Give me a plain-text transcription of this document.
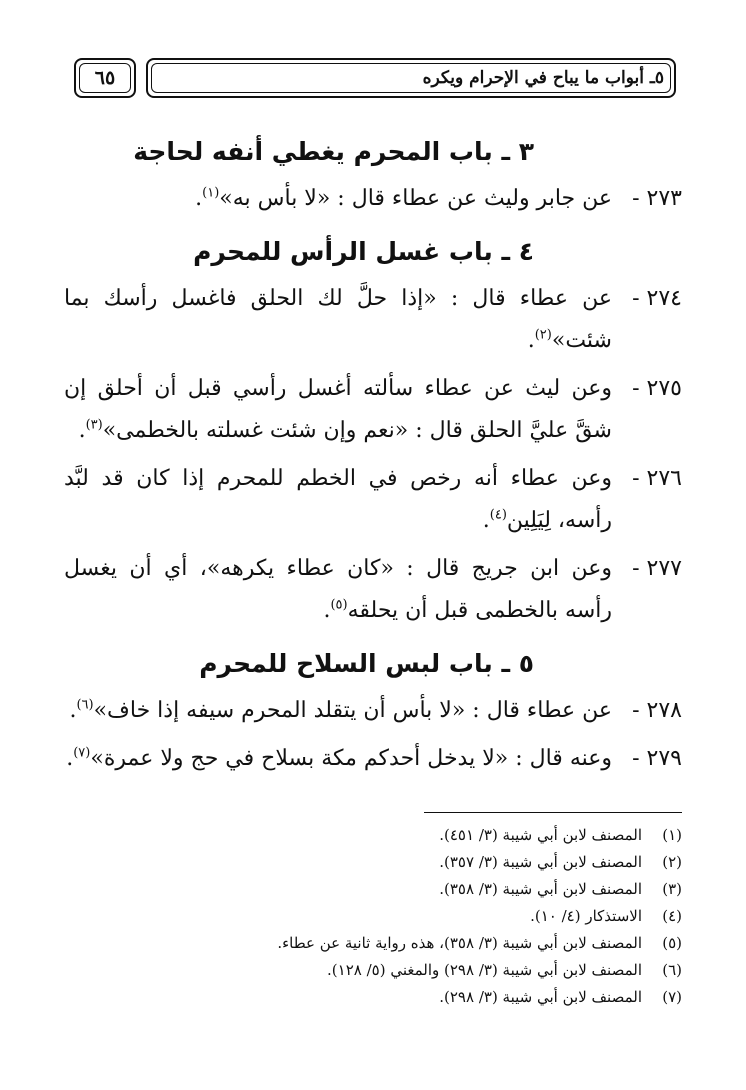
٦٥	٥ـ أبواب ما يباح في الإحرام ويكره
٣ ـ باب المحرم يغطي أنفه لحاجة
٢٧٣ -
عن جابر وليث عن عطاء قال : «لا بأس به»$^{(١)}$.
٤ ـ باب غسل الرأس للمحرم
٢٧٤ -
عن عطاء قال : «إذا حلَّ لك الحلق فاغسل رأسك بما شئت»$^{(٢)}$.
٢٧٥ -
وعن ليث عن عطاء سألته أغسل رأسي قبل أن أحلق إن شقَّ عليَّ الحلق قال : «نعم وإن شئت غسلته بالخطمى»$^{(٣)}$.
٢٧٦ -
وعن عطاء أنه رخص في الخطم للمحرم إذا كان قد لبَّد رأسه، لِيَلِين$^{(٤)}$.
٢٧٧ -
وعن ابن جريج قال : «كان عطاء يكرهه»، أي أن يغسل رأسه بالخطمى قبل أن يحلقه$^{(٥)}$.
٥ ـ باب لبس السلاح للمحرم
٢٧٨ -
عن عطاء قال : «لا بأس أن يتقلد المحرم سيفه إذا خاف»$^{(٦)}$.
٢٧٩ -
وعنه قال : «لا يدخل أحدكم مكة بسلاح في حج ولا عمرة»$^{(٧)}$.
(١)
المصنف لابن أبي شيبة (٣/ ٤٥١).
(٢)
المصنف لابن أبي شيبة (٣/ ٣٥٧).
(٣)
المصنف لابن أبي شيبة (٣/ ٣٥٨).
(٤)
الاستذكار (٤/ ١٠).
(٥)
المصنف لابن أبي شيبة (٣/ ٣٥٨)، هذه رواية ثانية عن عطاء.
(٦)
المصنف لابن أبي شيبة (٣/ ٢٩٨) والمغني (٥/ ١٢٨).
(٧)
المصنف لابن أبي شيبة (٣/ ٢٩٨).
